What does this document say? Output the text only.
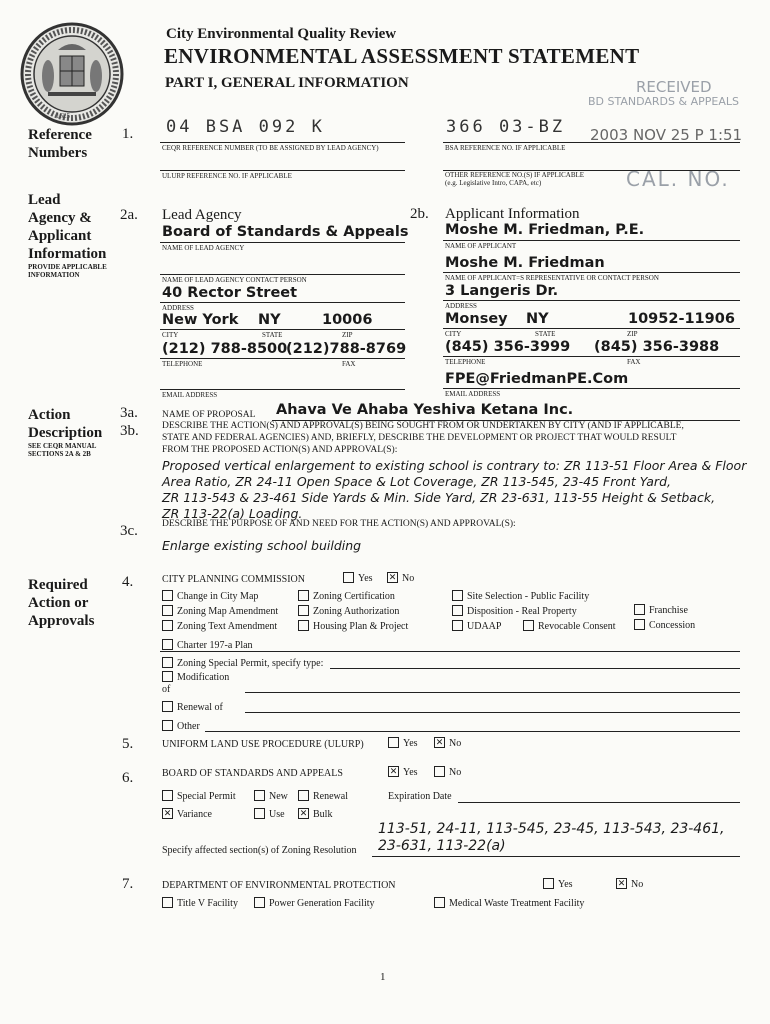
1625
City Environmental Quality Review
ENVIRONMENTAL ASSESSMENT STATEMENT
PART I, GENERAL INFORMATION	RECEIVED
BD STANDARDS & APPEALS
2003 NOV 25 P 1:51
CAL. NO.
Reference
Numbers
1. 04 BSA 092 K
CEQR REFERENCE NUMBER (TO BE ASSIGNED BY LEAD AGENCY)
366 03-BZ
BSA REFERENCE NO. IF APPLICABLE
ULURP REFERENCE NO. IF APPLICABLE	OTHER REFERENCE NO.(S) IF APPLICABLE
(e.g. Legislative Intro, CAPA, etc)
Lead
Agency &
Applicant
Information
PROVIDE APPLICABLE
INFORMATION
2a. Lead Agency
Board of Standards & Appeals
NAME OF LEAD AGENCY
NAME OF LEAD AGENCY CONTACT PERSON
40 Rector Street
ADDRESS
New York NY	10006
CITY	STATE	ZIP
(212) 788-8500
(212)788-8769
TELEPHONE	FAX
EMAIL ADDRESS
2b. Applicant Information
Moshe M. Friedman, P.E.
NAME OF APPLICANT
Moshe M. Friedman
NAME OF APPLICANT=S REPRESENTATIVE OR CONTACT PERSON
3 Langeris Dr.
ADDRESS
Monsey NY	10952-11906
CITY	STATE	ZIP
(845) 356-3999 (845) 356-3988
TELEPHONE	FAX
FPE@FriedmanPE.Com
EMAIL ADDRESS
Action
Description
SEE CEQR MANUAL
SECTIONS 2A & 2B
3a.
3b.
NAME OF PROPOSAL Ahava Ve Ahaba Yeshiva Ketana Inc.
DESCRIBE THE ACTION(S) AND APPROVAL(S) BEING SOUGHT FROM OR UNDERTAKEN BY CITY (AND IF APPLICABLE,
STATE AND FEDERAL AGENCIES) AND, BRIEFLY, DESCRIBE THE DEVELOPMENT OR PROJECT THAT WOULD RESULT
FROM THE PROPOSED ACTION(S) AND APPROVAL(S):
Proposed vertical enlargement to existing school is contrary to: ZR 113-51 Floor Area & Floor
Area Ratio, ZR 24-11 Open Space & Lot Coverage, ZR 113-545, 23-45 Front Yard,
ZR 113-543 & 23-461 Side Yards & Min. Side Yard, ZR 23-631, 113-55 Height & Setback,
ZR 113-22(a) Loading.
3c.	DESCRIBE THE PURPOSE OF AND NEED FOR THE ACTION(S) AND APPROVAL(S):
Enlarge existing school building
Required
Action or
Approvals
4.	CITY PLANNING COMMISSION	Yes ✕ No
Change in City Map
Zoning Map Amendment
Zoning Text Amendment
Zoning Certification
Zoning Authorization
Housing Plan & Project
Site Selection - Public Facility
Disposition - Real Property
UDAAP	Revocable Consent
Franchise
Concession
Charter 197-a Plan
Zoning Special Permit, specify type:
Modification
of
Renewal of
Other
5.	UNIFORM LAND USE PROCEDURE (ULURP)	Yes ✕ No
6.	BOARD OF STANDARDS AND APPEALS	✕ Yes	No
Special Permit	New	Renewal	Expiration Date
✕ Variance	Use ✕ Bulk
113-51, 24-11, 113-545, 23-45, 113-543, 23-461,
23-631, 113-22(a)
Specify affected section(s) of Zoning Resolution
7.	DEPARTMENT OF ENVIRONMENTAL PROTECTION	Yes	✕ No
Title V Facility	Power Generation Facility	Medical Waste Treatment Facility
1
